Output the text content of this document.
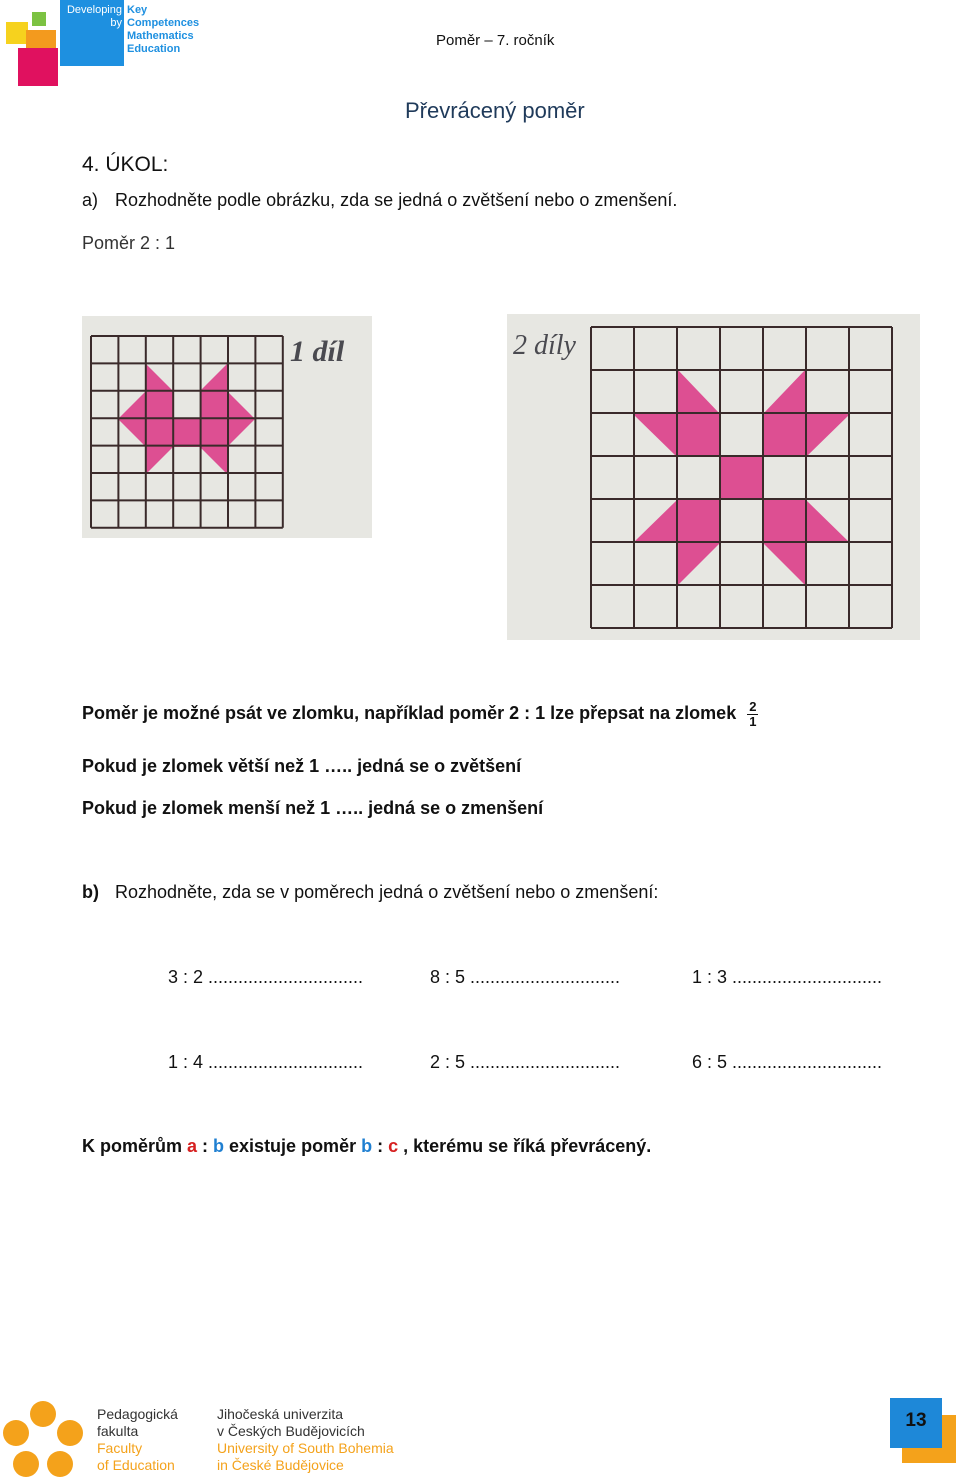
Developing
by
Key Competences
Mathematics
Education	Poměr – 7. ročník
Převrácený poměr
4. ÚKOL:
a) Rozhodněte podle obrázku, zda se jedná o zvětšení nebo o zmenšení.
Poměr 2 : 1
1 díl	2 díly
Poměr je možné psát ve zlomku, například poměr 2 : 1 lze přepsat na zlomek $\frac{2}{1}$
Pokud je zlomek větší než 1 ….. jedná se o zvětšení
Pokud je zlomek menší než 1 ….. jedná se o zmenšení
b) Rozhodněte, zda se v poměrech jedná o zvětšení nebo o zmenšení:
3 : 2 ...............................	8 : 5 ..............................	1 : 3 ..............................
1 : 4 ...............................	2 : 5 ..............................	6 : 5 ..............................
K poměrům a : b existuje poměr b : c , kterému se říká převrácený.
Pedagogická
fakulta
Faculty
of Education
Jihočeská univerzita
v Českých Budějovicích
University of South Bohemia
in České Budějovice
13
